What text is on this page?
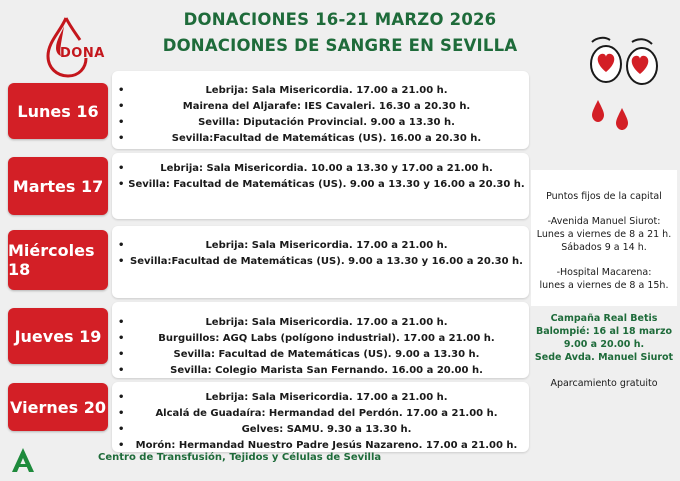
DONACIONES 16-21 MARZO 2026
DONACIONES DE SANGRE EN SEVILLA
DONA
Lunes 16
• Lebrija: Sala Misericordia. 17.00 a 21.00 h.
• Mairena del Aljarafe: IES Cavaleri. 16.30 a 20.30 h.
• Sevilla: Diputación Provincial. 9.00 a 13.30 h.
• Sevilla:Facultad de Matemáticas (US). 16.00 a 20.30 h.
Martes 17
• Lebrija: Sala Misericordia. 10.00 a 13.30 y 17.00 a 21.00 h.
• Sevilla: Facultad de Matemáticas (US). 9.00 a 13.30 y 16.00 a 20.30 h.
Miércoles 18
• Lebrija: Sala Misericordia. 17.00 a 21.00 h.
• Sevilla:Facultad de Matemáticas (US). 9.00 a 13.30 y 16.00 a 20.30 h.
Jueves 19
• Lebrija: Sala Misericordia. 17.00 a 21.00 h.
• Burguillos: AGQ Labs (polígono industrial). 17.00 a 21.00 h.
• Sevilla: Facultad de Matemáticas (US). 9.00 a 13.30 h.
• Sevilla: Colegio Marista San Fernando. 16.00 a 20.00 h.
Viernes 20
•	Lebrija: Sala Misericordia. 17.00 a 21.00 h.
• Alcalá de Guadaíra: Hermandad del Perdón. 17.00 a 21.00 h.
• Gelves: SAMU. 9.30 a 13.30 h.
• Morón: Hermandad Nuestro Padre Jesús Nazareno. 17.00 a 21.00 h.
Puntos fijos de la capital
-Avenida Manuel Siurot:
Lunes a viernes de 8 a 21 h.
Sábados 9 a 14 h.
-Hospital Macarena:
lunes a viernes de 8 a 15h.
Campaña Real Betis
Balompié: 16 al 18 marzo
9.00 a 20.00 h.
Sede Avda. Manuel Siurot
Aparcamiento gratuito
Centro de Transfusión, Tejidos y Células de Sevilla
